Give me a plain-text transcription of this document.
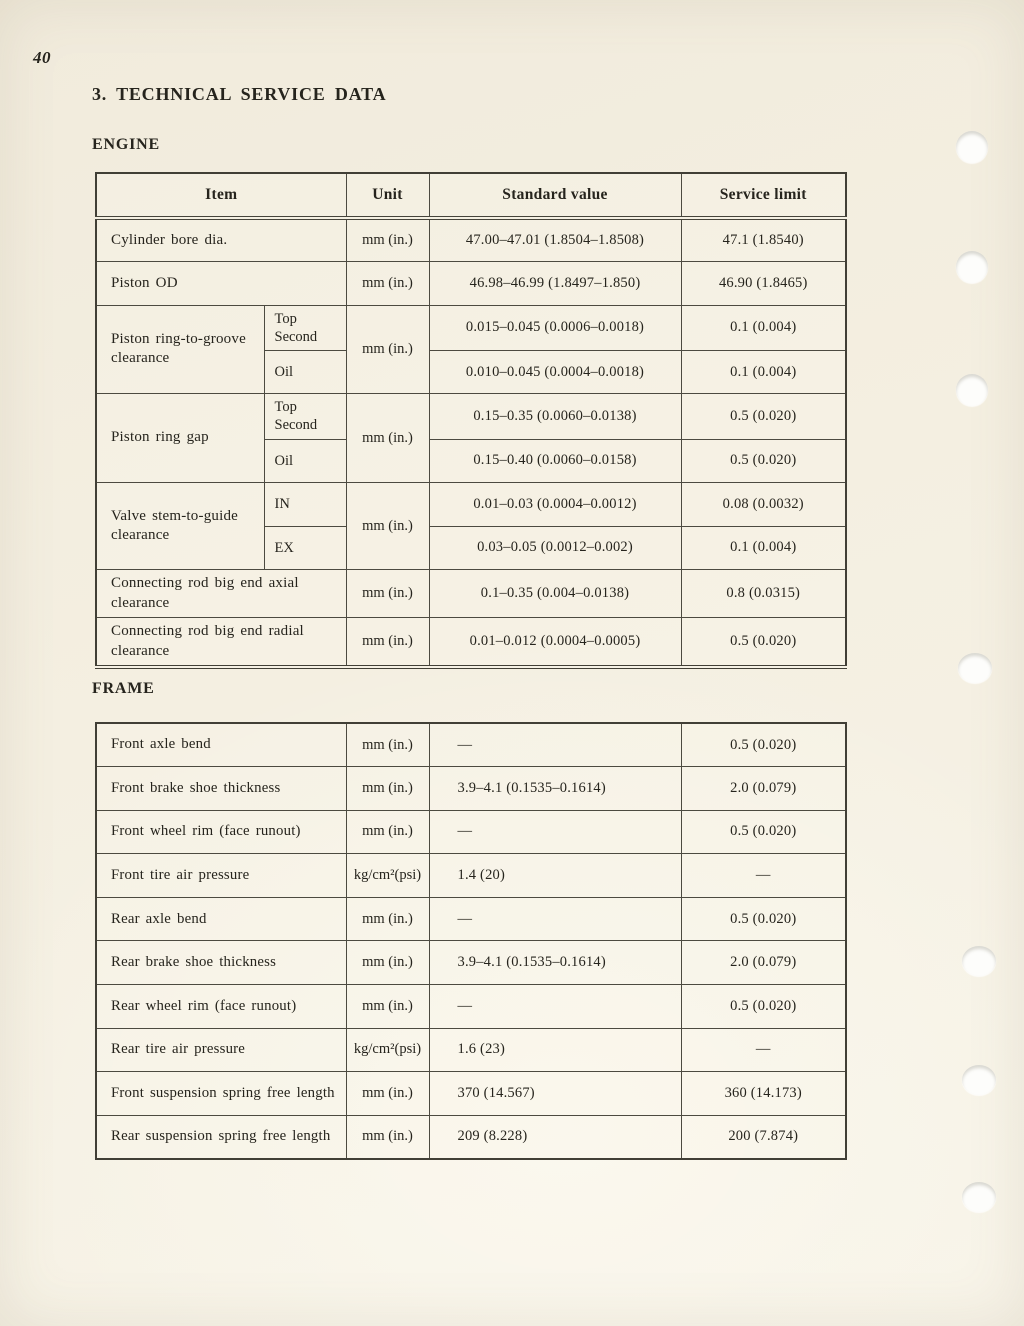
40
3. TECHNICAL SERVICE DATA
ENGINE
Item		Unit	Standard value	Service limit
Cylinder bore dia.		mm (in.)	47.00–47.01 (1.8504–1.8508)	47.1 (1.8540)
Piston OD		mm (in.)	46.98–46.99 (1.8497–1.850)	46.90 (1.8465)
Piston ring-to-groove clearance	Top Second	mm (in.)	0.015–0.045 (0.0006–0.0018)	0.1 (0.004)
	Oil		0.010–0.045 (0.0004–0.0018)	0.1 (0.004)
Piston ring gap	Top Second	mm (in.)	0.15–0.35 (0.0060–0.0138)	0.5 (0.020)
	Oil		0.15–0.40 (0.0060–0.0158)	0.5 (0.020)
Valve stem-to-guide clearance	IN	mm (in.)	0.01–0.03 (0.0004–0.0012)	0.08 (0.0032)
	EX		0.03–0.05 (0.0012–0.002)	0.1 (0.004)
Connecting rod big end axial clearance		mm (in.)	0.1–0.35 (0.004–0.0138)	0.8 (0.0315)
Connecting rod big end radial clearance		mm (in.)	0.01–0.012 (0.0004–0.0005)	0.5 (0.020)
FRAME
Front axle bend	mm (in.)	—	0.5 (0.020)
Front brake shoe thickness	mm (in.)	3.9–4.1 (0.1535–0.1614)	2.0 (0.079)
Front wheel rim (face runout)	mm (in.)	—	0.5 (0.020)
Front tire air pressure	kg/cm²(psi)	1.4 (20)	—
Rear axle bend	mm (in.)	—	0.5 (0.020)
Rear brake shoe thickness	mm (in.)	3.9–4.1 (0.1535–0.1614)	2.0 (0.079)
Rear wheel rim (face runout)	mm (in.)	—	0.5 (0.020)
Rear tire air pressure	kg/cm²(psi)	1.6 (23)	—
Front suspension spring free length	mm (in.)	370 (14.567)	360 (14.173)
Rear suspension spring free length	mm (in.)	209 (8.228)	200 (7.874)
